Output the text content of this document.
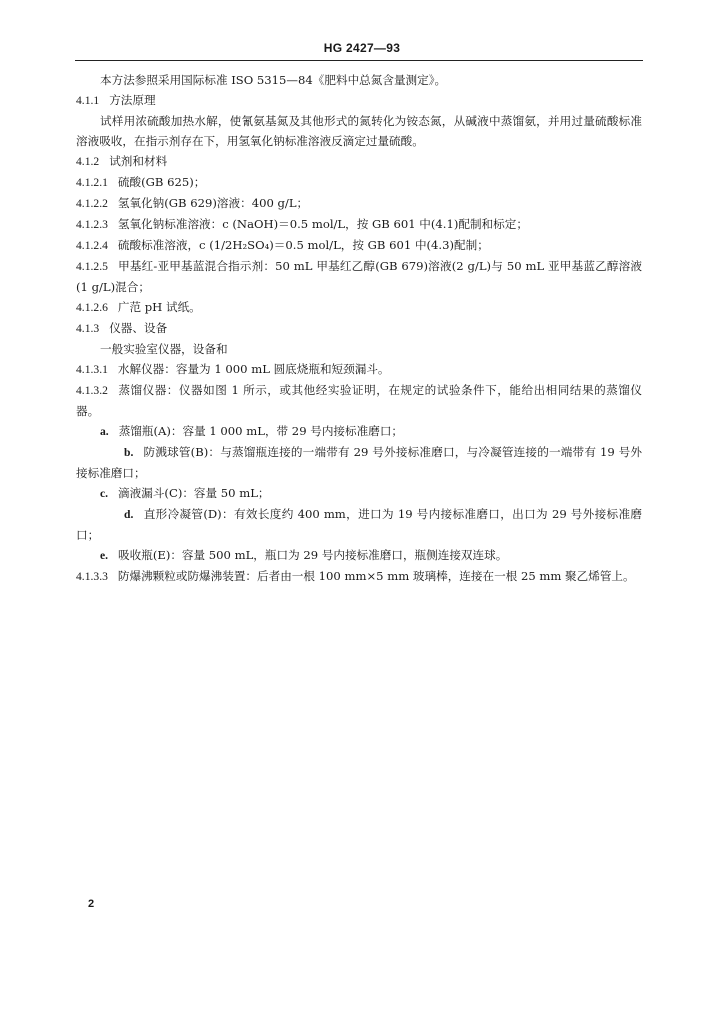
HG 2427—93

本方法参照采用国际标准 ISO 5315—84《肥料中总氮含量测定》。

4.1.1 方法原理

试样用浓硫酸加热水解，使氰氨基氮及其他形式的氮转化为铵态氮，从碱液中蒸馏氨，并用过量硫酸标准溶液吸收，在指示剂存在下，用氢氧化钠标准溶液反滴定过量硫酸。

4.1.2 试剂和材料

4.1.2.1 硫酸(GB 625)；

4.1.2.2 氢氧化钠(GB 629)溶液：400 g/L；

4.1.2.3 氢氧化钠标准溶液：c (NaOH)＝0.5 mol/L，按 GB 601 中(4.1)配制和标定；

4.1.2.4 硫酸标准溶液，c (1/2H₂SO₄)＝0.5 mol/L，按 GB 601 中(4.3)配制；

4.1.2.5 甲基红-亚甲基蓝混合指示剂：50 mL 甲基红乙醇(GB 679)溶液(2 g/L)与 50 mL 亚甲基蓝乙醇溶液(1 g/L)混合；

4.1.2.6 广范 pH 试纸。

4.1.3 仪器、设备

一般实验室仪器，设备和

4.1.3.1 水解仪器：容量为 1 000 mL 圆底烧瓶和短颈漏斗。

4.1.3.2 蒸馏仪器：仪器如图 1 所示，或其他经实验证明，在规定的试验条件下，能给出相同结果的蒸馏仪器。

a. 蒸馏瓶(A)：容量 1 000 mL，带 29 号内接标准磨口；

b. 防溅球管(B)：与蒸馏瓶连接的一端带有 29 号外接标准磨口，与冷凝管连接的一端带有 19 号外接标准磨口；

c. 滴液漏斗(C)：容量 50 mL；

d. 直形冷凝管(D)：有效长度约 400 mm，进口为 19 号内接标准磨口，出口为 29 号外接标准磨口；

e. 吸收瓶(E)：容量 500 mL，瓶口为 29 号内接标准磨口，瓶侧连接双连球。

4.1.3.3 防爆沸颗粒或防爆沸装置：后者由一根 100 mm×5 mm 玻璃棒，连接在一根 25 mm 聚乙烯管上。

2
